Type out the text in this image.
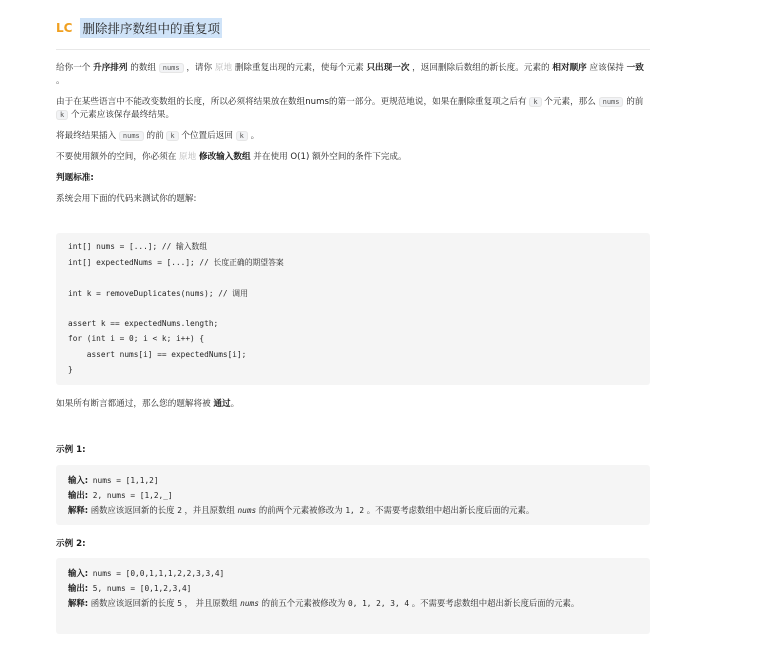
LC 删除排序数组中的重复项

给你一个 升序排列 的数组 nums ，请你 原地 删除重复出现的元素，使每个元素 只出现一次 ，返回删除后数组的新长度。元素的 相对顺序 应该保持 一致 。

由于在某些语言中不能改变数组的长度，所以必须将结果放在数组nums的第一部分。更规范地说，如果在删除重复项之后有 k 个元素，那么 nums 的前 k 个元素应该保存最终结果。

将最终结果插入 nums 的前 k 个位置后返回 k 。

不要使用额外的空间，你必须在 原地 修改输入数组 并在使用 O(1) 额外空间的条件下完成。

判题标准:

系统会用下面的代码来测试你的题解:

int[] nums = [...]; // 输入数组
int[] expectedNums = [...]; // 长度正确的期望答案
int k = removeDuplicates(nums); // 调用
assert k == expectedNums.length;
for (int i = 0; i < k; i++) {
assert nums[i] == expectedNums[i];
}
如果所有断言都通过，那么您的题解将被 通过。
示例 1:
输入: nums = [1,1,2]
输出: 2, nums = [1,2,_]
解释: 函数应该返回新的长度 2 ，并且原数组 nums 的前两个元素被修改为 1, 2 。不需要考虑数组中超出新长度后面的元素。
示例 2:
输入: nums = [0,0,1,1,1,2,2,3,3,4]
输出: 5, nums = [0,1,2,3,4]
解释: 函数应该返回新的长度 5 ， 并且原数组 nums 的前五个元素被修改为 0, 1, 2, 3, 4 。不需要考虑数组中超出新长度后面的元素。
